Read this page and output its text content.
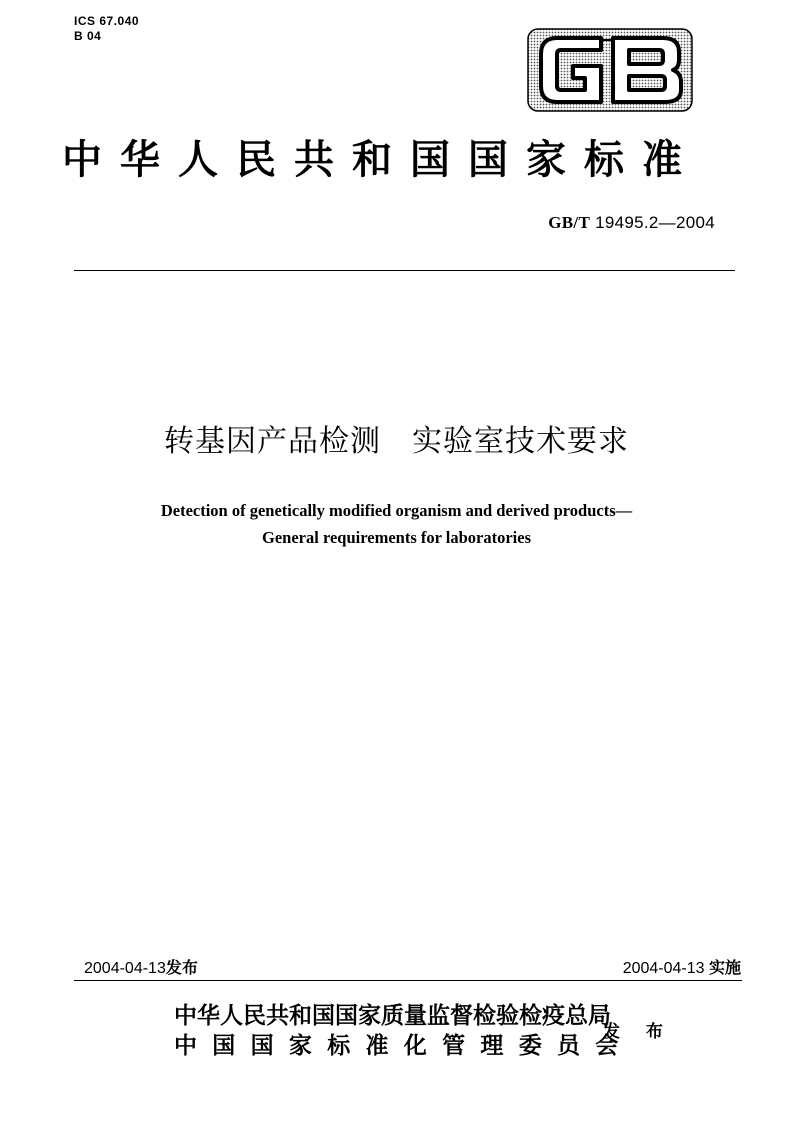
ICS 67.040
B 04
中华人民共和国国家标准
GB/T 19495.2—2004
转基因产品检测　实验室技术要求
Detection of genetically modified organism and derived products—
General requirements for laboratories
2004-04-13发布	2004-04-13 实施
中华人民共和国国家质量监督检验检疫总局
中国国家标准化管理委员会
发 布
